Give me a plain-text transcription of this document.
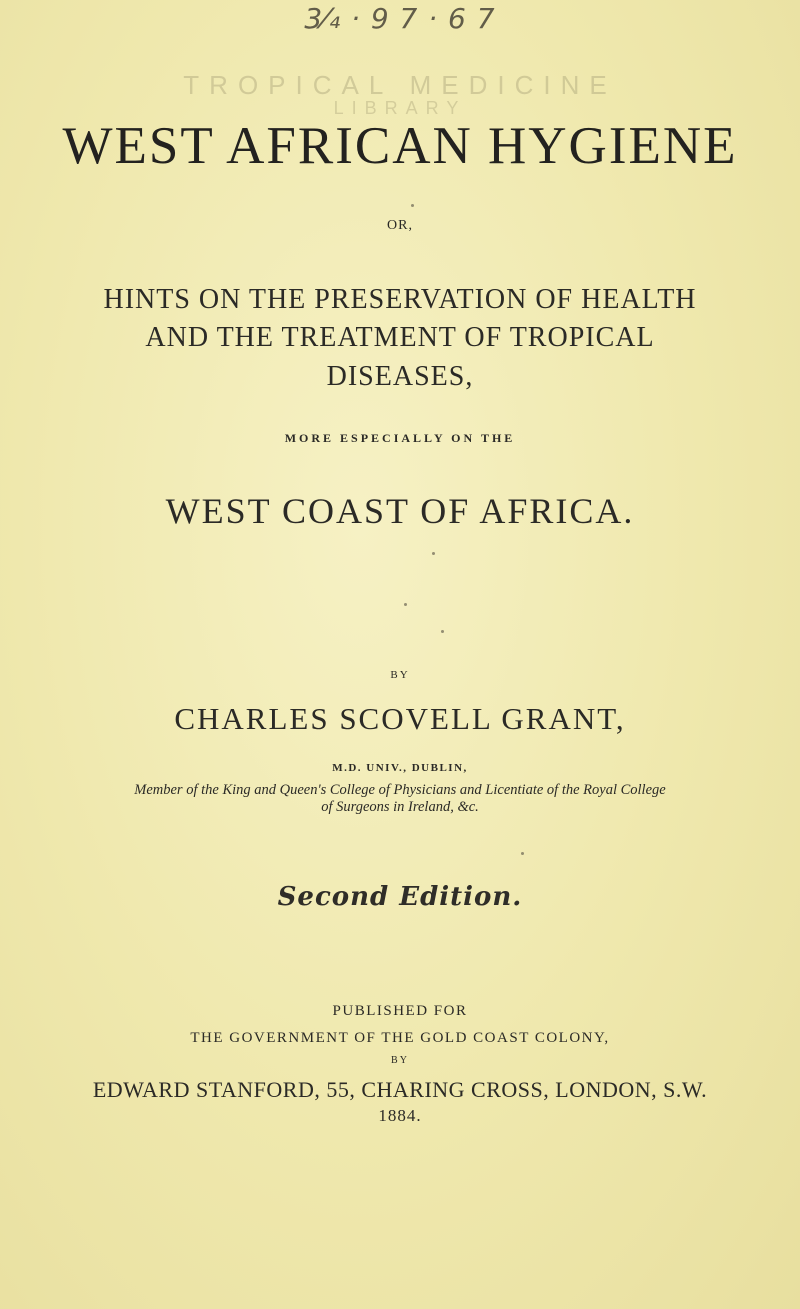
3⁄₄ · 9 7 · 6 7
TROPICAL MEDICINE
LIBRARY
WEST AFRICAN HYGIENE
OR,
HINTS ON THE PRESERVATION OF HEALTH
AND THE TREATMENT OF TROPICAL
DISEASES,
MORE ESPECIALLY ON THE
WEST COAST OF AFRICA.
BY
CHARLES SCOVELL GRANT,
M.D. UNIV., DUBLIN,
Member of the King and Queen's College of Physicians and Licentiate of the Royal College
of Surgeons in Ireland, &c.
Second Edition.
PUBLISHED FOR
THE GOVERNMENT OF THE GOLD COAST COLONY,
BY
EDWARD STANFORD, 55, CHARING CROSS, LONDON, S.W.
1884.
